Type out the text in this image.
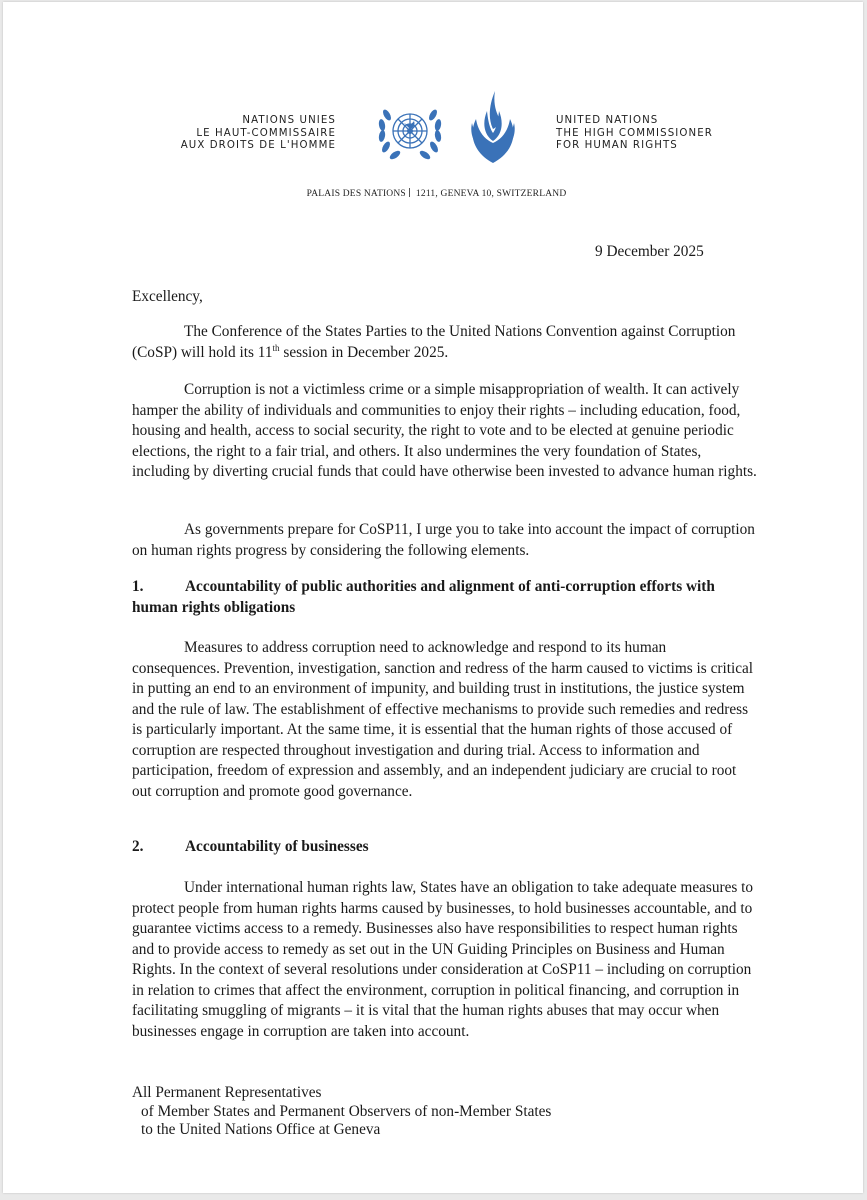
NATIONS UNIES
LE HAUT-COMMISSAIRE
AUX DROITS DE L'HOMME
UNITED NATIONS
THE HIGH COMMISSIONER
FOR HUMAN RIGHTS
PALAIS DES NATIONS 1211, GENEVA 10, SWITZERLAND
9 December 2025
Excellency,
The Conference of the States Parties to the United Nations Convention against Corruption (CoSP) will hold its 11th session in December 2025.
Corruption is not a victimless crime or a simple misappropriation of wealth. It can actively hamper the ability of individuals and communities to enjoy their rights – including education, food, housing and health, access to social security, the right to vote and to be elected at genuine periodic elections, the right to a fair trial, and others. It also undermines the very foundation of States, including by diverting crucial funds that could have otherwise been invested to advance human rights.
As governments prepare for CoSP11, I urge you to take into account the impact of corruption on human rights progress by considering the following elements.
1.	Accountability of public authorities and alignment of anti-corruption efforts with human rights obligations
Measures to address corruption need to acknowledge and respond to its human consequences. Prevention, investigation, sanction and redress of the harm caused to victims is critical in putting an end to an environment of impunity, and building trust in institutions, the justice system and the rule of law. The establishment of effective mechanisms to provide such remedies and redress is particularly important. At the same time, it is essential that the human rights of those accused of corruption are respected throughout investigation and during trial. Access to information and participation, freedom of expression and assembly, and an independent judiciary are crucial to root out corruption and promote good governance.
2.	Accountability of businesses
Under international human rights law, States have an obligation to take adequate measures to protect people from human rights harms caused by businesses, to hold businesses accountable, and to guarantee victims access to a remedy. Businesses also have responsibilities to respect human rights and to provide access to remedy as set out in the UN Guiding Principles on Business and Human Rights. In the context of several resolutions under consideration at CoSP11 – including on corruption in relation to crimes that affect the environment, corruption in political financing, and corruption in facilitating smuggling of migrants – it is vital that the human rights abuses that may occur when businesses engage in corruption are taken into account.
All Permanent Representatives
of Member States and Permanent Observers of non-Member States
to the United Nations Office at Geneva
